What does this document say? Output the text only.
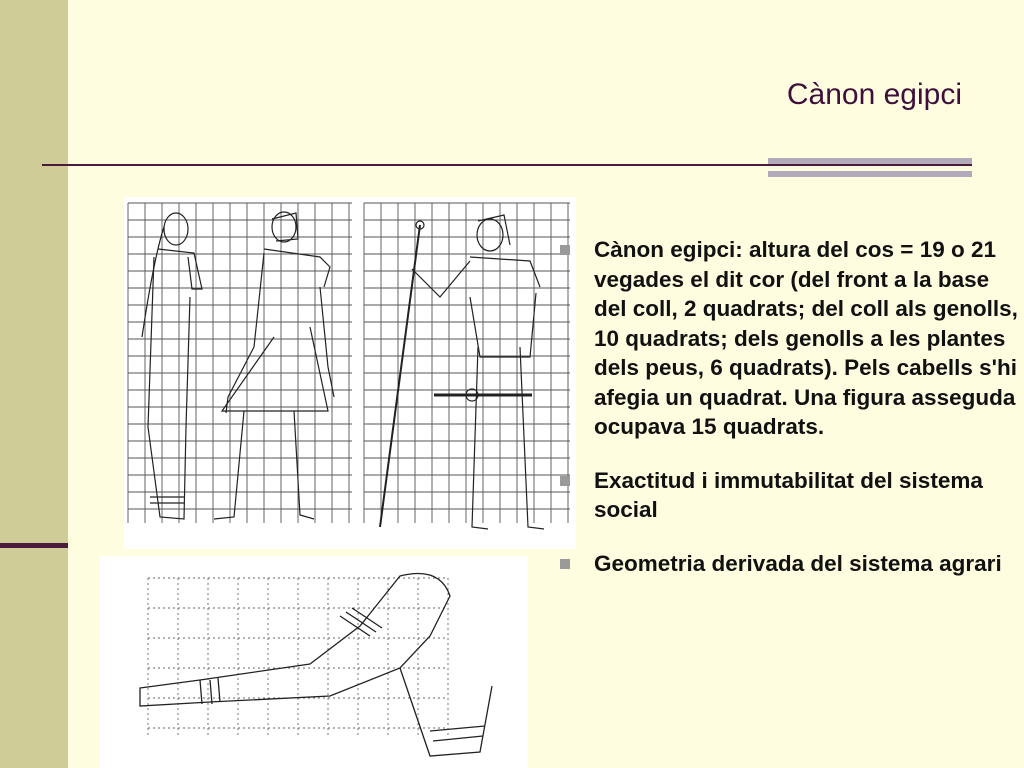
Cànon egipci
Cànon egipci: altura del cos = 19 o 21 vegades el dit cor (del front a la base del coll, 2 quadrats; del coll als genolls, 10 quadrats; dels genolls a les plantes dels peus, 6 quadrats). Pels cabells s'hi afegia un quadrat. Una figura asseguda ocupava 15 quadrats.
Exactitud i immutabilitat del sistema social
Geometria derivada del sistema agrari
